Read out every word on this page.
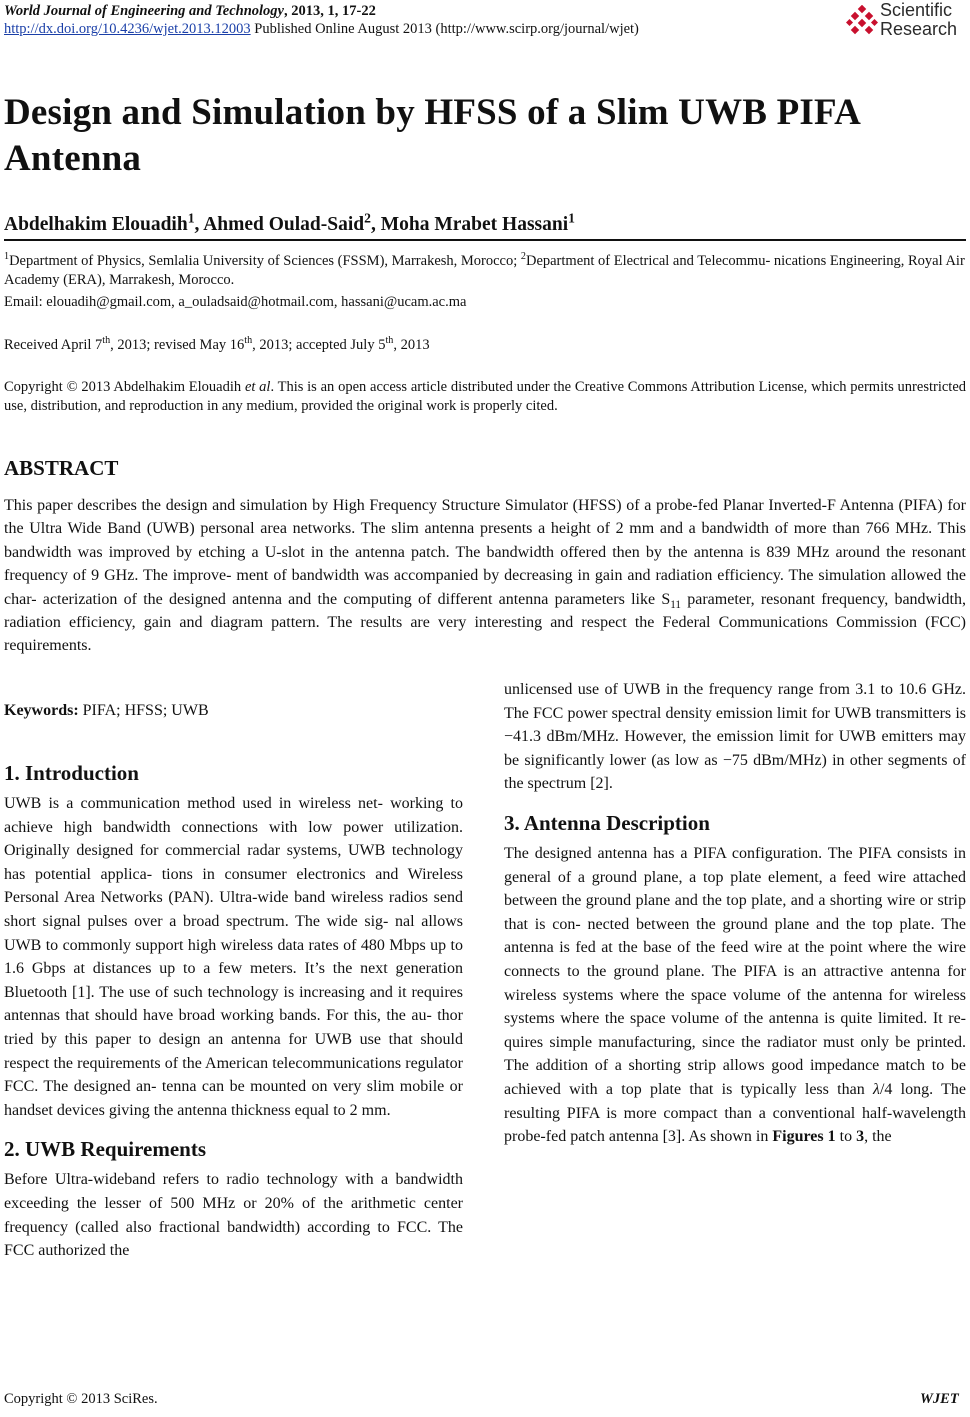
World Journal of Engineering and Technology, 2013, 1, 17-22
http://dx.doi.org/10.4236/wjet.2013.12003 Published Online August 2013 (http://www.scirp.org/journal/wjet)
Scientific
Research
Design and Simulation by HFSS of a Slim UWB PIFA Antenna
Abdelhakim Elouadih$^1$, Ahmed Oulad-Said$^2$, Moha Mrabet Hassani$^1$
$^1$Department of Physics, Semlalia University of Sciences (FSSM), Marrakesh, Morocco; $^2$Department of Electrical and Telecommu- nications Engineering, Royal Air Academy (ERA), Marrakesh, Morocco.
Email: elouadih@gmail.com, a_ouladsaid@hotmail.com, hassani@ucam.ac.ma
Received April 7th, 2013; revised May 16th, 2013; accepted July 5th, 2013
Copyright © 2013 Abdelhakim Elouadih et al. This is an open access article distributed under the Creative Commons Attribution License, which permits unrestricted use, distribution, and reproduction in any medium, provided the original work is properly cited.
ABSTRACT
This paper describes the design and simulation by High Frequency Structure Simulator (HFSS) of a probe-fed Planar Inverted-F Antenna (PIFA) for the Ultra Wide Band (UWB) personal area networks. The slim antenna presents a height of 2 mm and a bandwidth of more than 766 MHz. This bandwidth was improved by etching a U-slot in the antenna patch. The bandwidth offered then by the antenna is 839 MHz around the resonant frequency of 9 GHz. The improve- ment of bandwidth was accompanied by decreasing in gain and radiation efficiency. The simulation allowed the char- acterization of the designed antenna and the computing of different antenna parameters like $S_{11}$ parameter, resonant frequency, bandwidth, radiation efficiency, gain and diagram pattern. The results are very interesting and respect the Federal Communications Commission (FCC) requirements.
Keywords: PIFA; HFSS; UWB
1. Introduction

UWB is a communication method used in wireless net- working to achieve high bandwidth connections with low power utilization. Originally designed for commercial radar systems, UWB technology has potential applica- tions in consumer electronics and Wireless Personal Area Networks (PAN). Ultra-wide band wireless radios send short signal pulses over a broad spectrum. The wide sig- nal allows UWB to commonly support high wireless data rates of 480 Mbps up to 1.6 Gbps at distances up to a few meters. It’s the next generation Bluetooth [1]. The use of such technology is increasing and it requires antennas that should have broad working bands. For this, the au- thor tried by this paper to design an antenna for UWB use that should respect the requirements of the American telecommunications regulator FCC. The designed an- tenna can be mounted on very slim mobile or handset devices giving the antenna thickness equal to 2 mm.

2. UWB Requirements

Before Ultra-wideband refers to radio technology with a bandwidth exceeding the lesser of 500 MHz or 20% of the arithmetic center frequency (called also fractional bandwidth) according to FCC. The FCC authorized the

unlicensed use of UWB in the frequency range from 3.1 to 10.6 GHz. The FCC power spectral density emission limit for UWB transmitters is −41.3 dBm/MHz. However, the emission limit for UWB emitters may be significantly lower (as low as −75 dBm/MHz) in other segments of the spectrum [2].

3. Antenna Description

The designed antenna has a PIFA configuration. The PIFA consists in general of a ground plane, a top plate element, a feed wire attached between the ground plane and the top plate, and a shorting wire or strip that is con- nected between the ground plane and the top plate. The antenna is fed at the base of the feed wire at the point where the wire connects to the ground plane. The PIFA is an attractive antenna for wireless systems where the space volume of the antenna for wireless systems where the space volume of the antenna is quite limited. It re- quires simple manufacturing, since the radiator must only be printed. The addition of a shorting strip allows good impedance match to be achieved with a top plate that is typically less than λ/4 long. The resulting PIFA is more compact than a conventional half-wavelength probe-fed patch antenna [3]. As shown in Figures 1 to 3, the

Copyright © 2013 SciRes.	WJET
